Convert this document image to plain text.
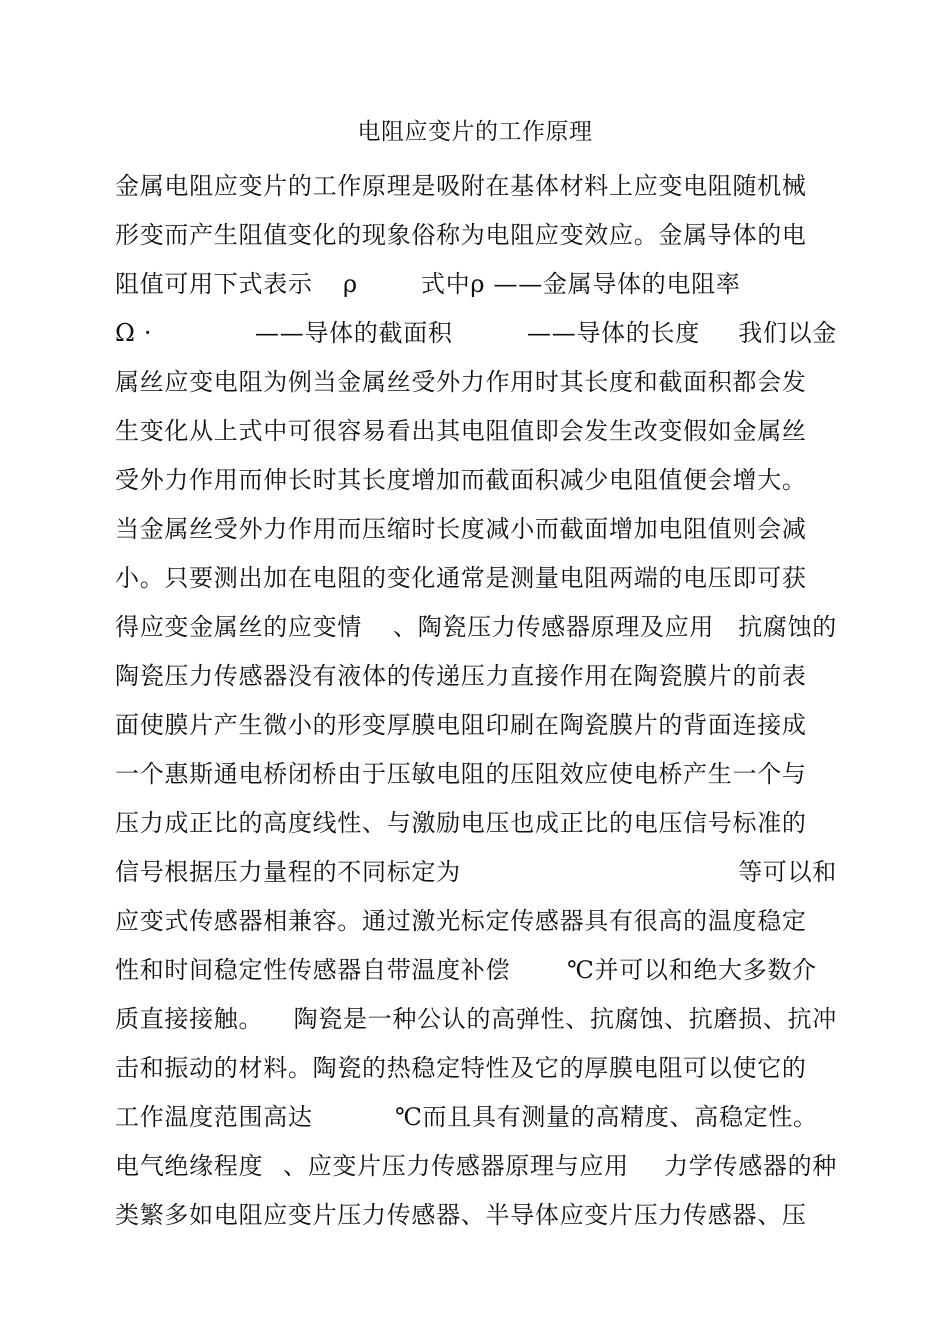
电阻应变片的工作原理
金属电阻应变片的工作原理是吸附在基体材料上应变电阻随机械
形变而产生阻值变化的现象俗称为电阻应变效应。金属导体的电
阻值可用下式表示 ρ	式中ρ ——金属导体的电阻率
Ω ·	——导体的截面积	——导体的长度 我们以金
属丝应变电阻为例当金属丝受外力作用时其长度和截面积都会发
生变化从上式中可很容易看出其电阻值即会发生改变假如金属丝
受外力作用而伸长时其长度增加而截面积减少电阻值便会增大。
当金属丝受外力作用而压缩时长度减小而截面增加电阻值则会减
小。只要测出加在电阻的变化通常是测量电阻两端的电压即可获
得应变金属丝的应变情 、陶瓷压力传感器原理及应用 抗腐蚀的
陶瓷压力传感器没有液体的传递压力直接作用在陶瓷膜片的前表
面使膜片产生微小的形变厚膜电阻印刷在陶瓷膜片的背面连接成
一个惠斯通电桥闭桥由于压敏电阻的压阻效应使电桥产生一个与
压力成正比的高度线性、与激励电压也成正比的电压信号标准的
信号根据压力量程的不同标定为	等可以和
应变式传感器相兼容。通过激光标定传感器具有很高的温度稳定
性和时间稳定性传感器自带温度补偿 ℃并可以和绝大多数介
质直接接触。 陶瓷是一种公认的高弹性、抗腐蚀、抗磨损、抗冲
击和振动的材料。陶瓷的热稳定特性及它的厚膜电阻可以使它的
工作温度范围高达	℃而且具有测量的高精度、高稳定性。
电气绝缘程度 、应变片压力传感器原理与应用 力学传感器的种
类繁多如电阻应变片压力传感器、半导体应变片压力传感器、压
